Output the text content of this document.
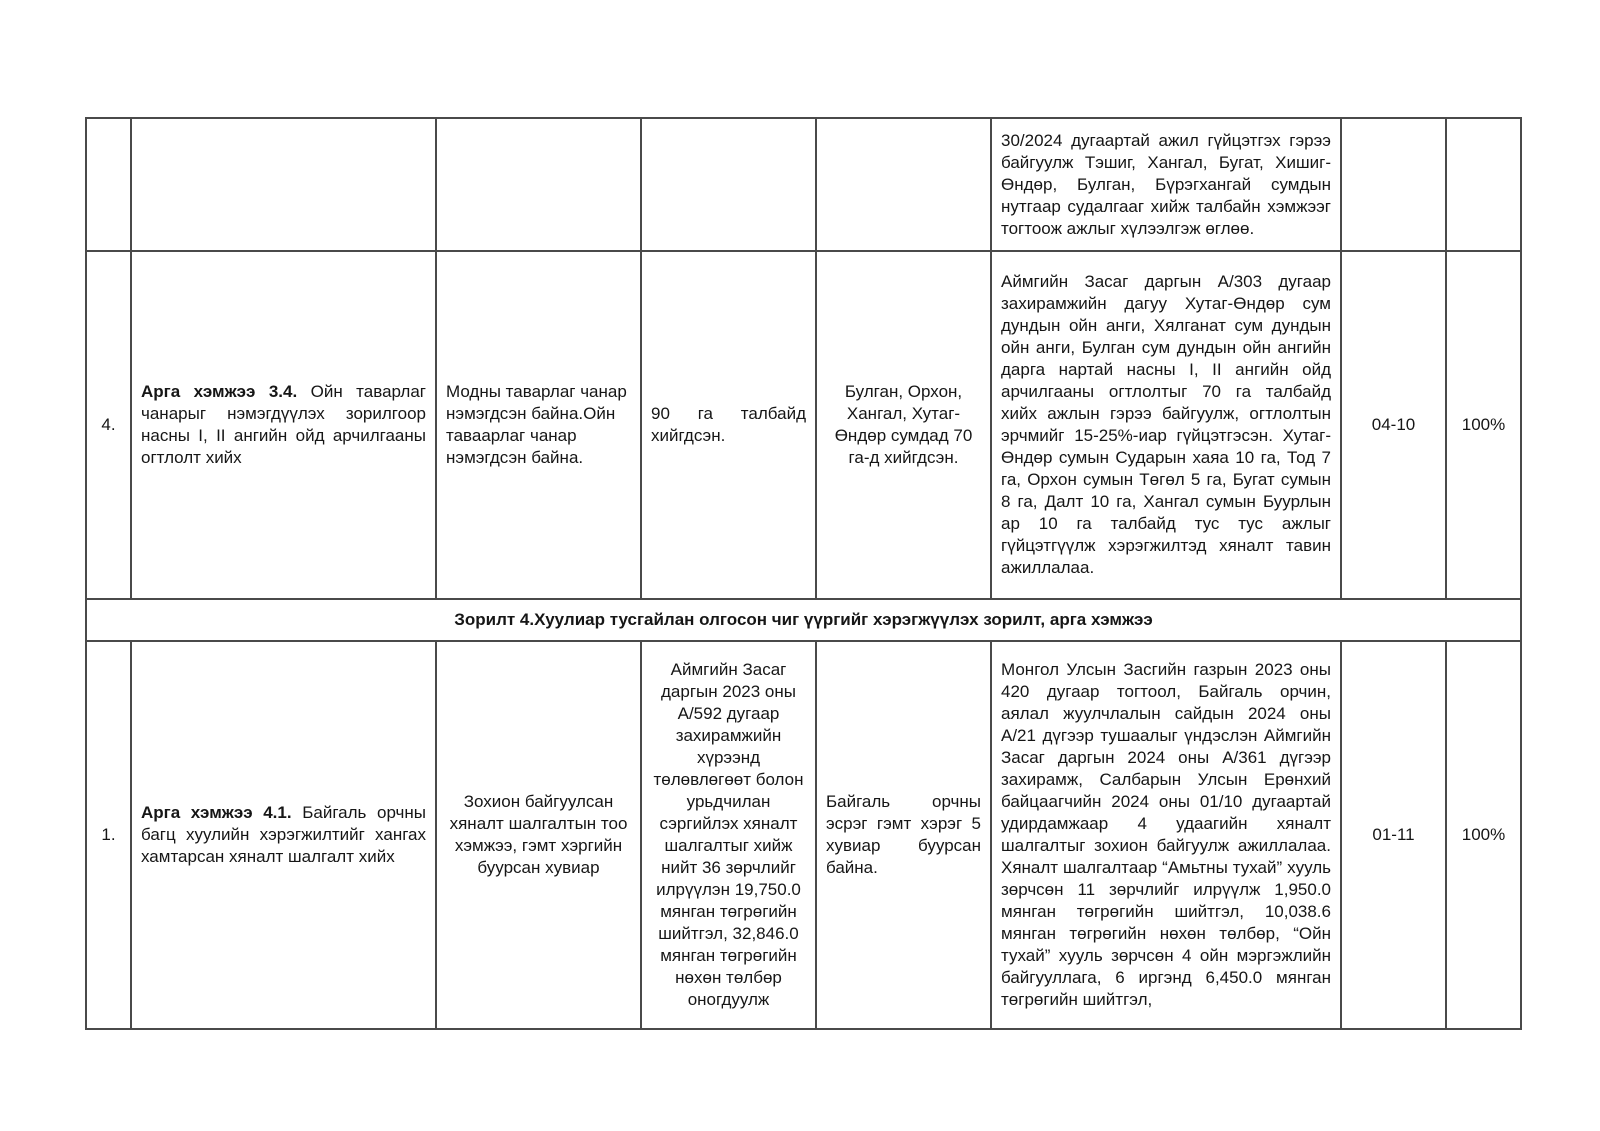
					30/2024 дугаартай ажил гүйцэтгэх гэрээ байгуулж Тэшиг, Хангал, Бугат, Хишиг-Өндөр, Булган, Бүрэгхангай сумдын нутгаар судалгааг хийж талбайн хэмжээг тогтоож ажлыг хүлээлгэж өглөө.		
4.	Арга хэмжээ 3.4. Ойн таварлаг чанарыг нэмэгдүүлэх зорилгоор насны I, II ангийн ойд арчилгааны огтлолт хийх	Модны таварлаг чанар нэмэгдсэн байна.Ойн таваарлаг чанар нэмэгдсэн байна.	90 га талбайд хийгдсэн.	Булган, Орхон, Хангал, Хутаг-Өндөр сумдад 70 га-д хийгдсэн.	Аймгийн Засаг даргын А/303 дугаар захирамжийн дагуу Хутаг-Өндөр сум дундын ойн анги, Хялганат сум дундын ойн анги, Булган сум дундын ойн ангийн дарга нартай насны I, II ангийн ойд арчилгааны огтлолтыг 70 га талбайд хийх ажлын гэрээ байгуулж, огтлолтын эрчмийг 15-25%-иар гүйцэтгэсэн. Хутаг-Өндөр сумын Сударын хаяа 10 га, Тод 7 га, Орхон сумын Төгөл 5 га, Бугат сумын 8 га, Далт 10 га, Хангал сумын Буурлын ар 10 га талбайд тус тус ажлыг гүйцэтгүүлж хэрэгжилтэд хяналт тавин ажиллалаа.	04-10	100%
Зорилт 4.Хуулиар тусгайлан олгосон чиг үүргийг хэрэгжүүлэх зорилт, арга хэмжээ							
1.	Арга хэмжээ 4.1. Байгаль орчны багц хуулийн хэрэгжилтийг хангах хамтарсан хяналт шалгалт хийх	Зохион байгуулсан хяналт шалгалтын тоо хэмжээ, гэмт хэргийн буурсан хувиар	Аймгийн Засаг даргын 2023 оны А/592 дугаар захирамжийн хүрээнд төлөвлөгөөт болон урьдчилан сэргийлэх хяналт шалгалтыг хийж нийт 36 зөрчлийг илрүүлэн 19,750.0 мянган төгрөгийн шийтгэл, 32,846.0 мянган төгрөгийн нөхөн төлбөр оногдуулж	Байгаль орчны эсрэг гэмт хэрэг 5 хувиар буурсан байна.	Монгол Улсын Засгийн газрын 2023 оны 420 дугаар тогтоол, Байгаль орчин, аялал жуулчлалын сайдын 2024 оны А/21 дүгээр тушаалыг үндэслэн Аймгийн Засаг даргын 2024 оны А/361 дүгээр захирамж, Салбарын Улсын Ерөнхий байцаагчийн 2024 оны 01/10 дугаартай удирдамжаар 4 удаагийн хяналт шалгалтыг зохион байгуулж ажиллалаа. Хяналт шалгалтаар “Амьтны тухай” хууль зөрчсөн 11 зөрчлийг илрүүлж 1,950.0 мянган төгрөгийн шийтгэл, 10,038.6 мянган төгрөгийн нөхөн төлбөр, “Ойн тухай” хууль зөрчсөн 4 ойн мэргэжлийн байгууллага, 6 иргэнд 6,450.0 мянган төгрөгийн шийтгэл,	01-11	100%
